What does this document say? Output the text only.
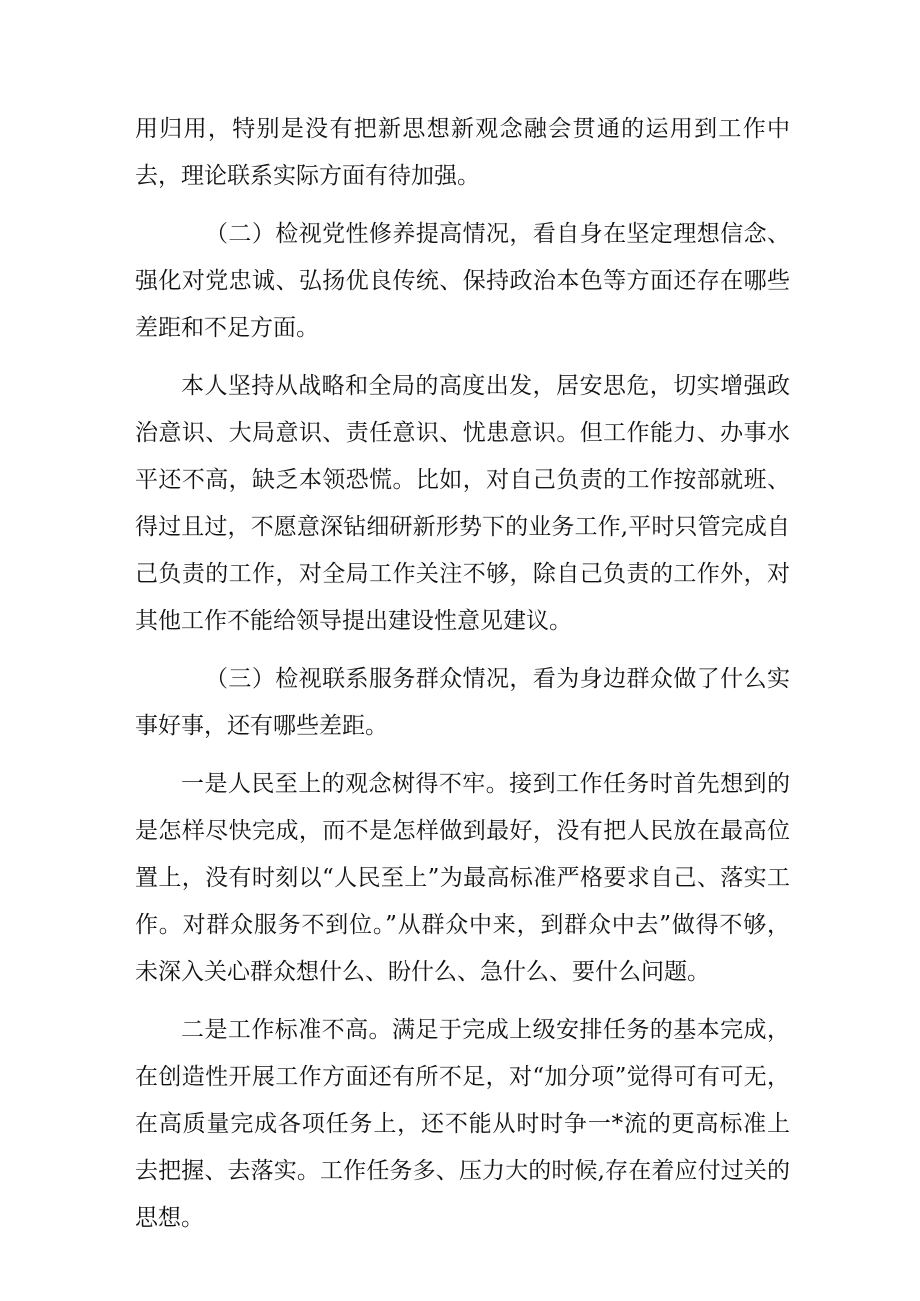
用归用，特别是没有把新思想新观念融会贯通的运用到工作中去，理论联系实际方面有待加强。

（二）检视党性修养提高情况，看自身在坚定理想信念、强化对党忠诚、弘扬优良传统、保持政治本色等方面还存在哪些差距和不足方面。

本人坚持从战略和全局的高度出发，居安思危，切实增强政治意识、大局意识、责任意识、忧患意识。但工作能力、办事水平还不高，缺乏本领恐慌。比如，对自己负责的工作按部就班、得过且过，不愿意深钻细研新形势下的业务工作,平时只管完成自己负责的工作，对全局工作关注不够，除自己负责的工作外，对其他工作不能给领导提出建设性意见建议。

（三）检视联系服务群众情况，看为身边群众做了什么实事好事，还有哪些差距。

一是人民至上的观念树得不牢。接到工作任务时首先想到的是怎样尽快完成，而不是怎样做到最好，没有把人民放在最高位置上，没有时刻以“人民至上”为最高标准严格要求自己、落实工作。对群众服务不到位。”从群众中来，到群众中去”做得不够，未深入关心群众想什么、盼什么、急什么、要什么问题。

二是工作标准不高。满足于完成上级安排任务的基本完成，在创造性开展工作方面还有所不足，对“加分项”觉得可有可无，在高质量完成各项任务上，还不能从时时争一*流的更高标准上去把握、去落实。工作任务多、压力大的时候,存在着应付过关的思想。
